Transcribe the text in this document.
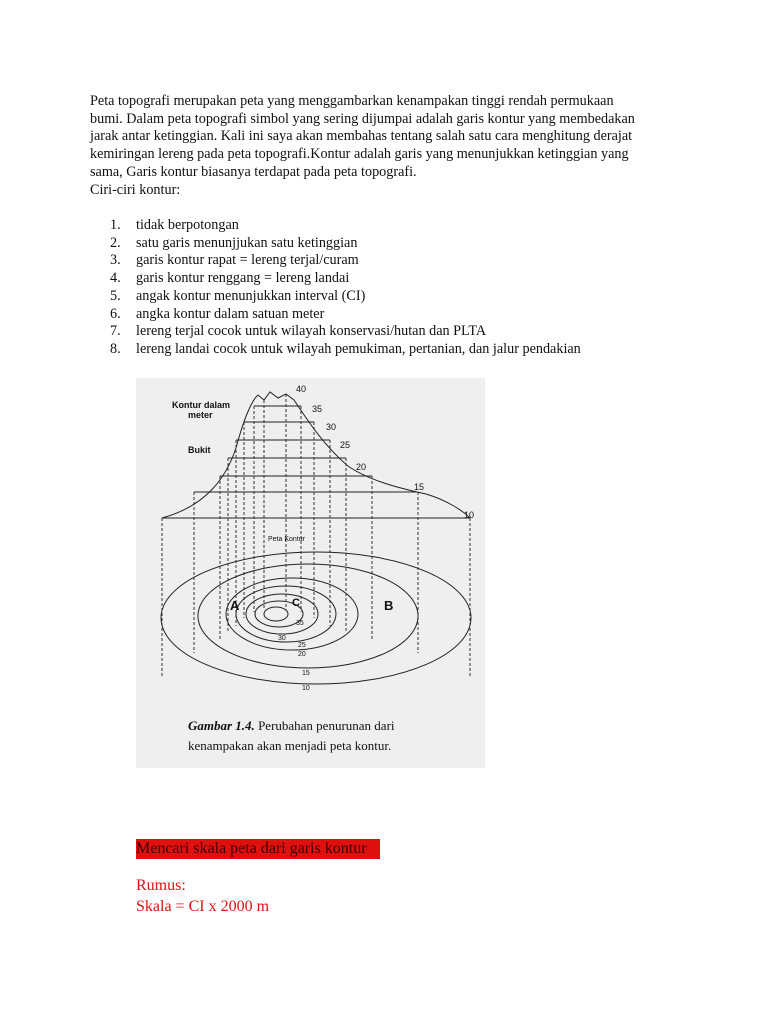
Peta topografi merupakan peta yang menggambarkan kenampakan tinggi rendah permukaan
bumi. Dalam peta topografi simbol yang sering dijumpai adalah garis kontur yang membedakan
jarak antar ketinggian. Kali ini saya akan membahas tentang salah satu cara menghitung derajat
kemiringan lereng pada peta topografi.Kontur adalah garis yang menunjukkan ketinggian yang
sama, Garis kontur biasanya terdapat pada peta topografi.
Ciri-ciri kontur:
1. tidak berpotongan
2. satu garis menunjjukan satu ketinggian
3. garis kontur rapat = lereng terjal/curam
4. garis kontur renggang = lereng landai
5. angak kontur menunjukkan interval (CI)
6. angka kontur dalam satuan meter
7. lereng terjal cocok untuk wilayah konservasi/hutan dan PLTA
8. lereng landai cocok untuk wilayah pemukiman, pertanian, dan jalur pendakian
Kontur dalam
meter
Bukit
Peta Kontur
A	B
C
40
35
30
25
20
15
10
35
30
25
20
15
10
Gambar 1.4. Perubahan penurunan dari
kenampakan akan menjadi peta kontur.
Mencari skala peta dari garis kontur

Rumus:

Skala = CI x 2000 m
